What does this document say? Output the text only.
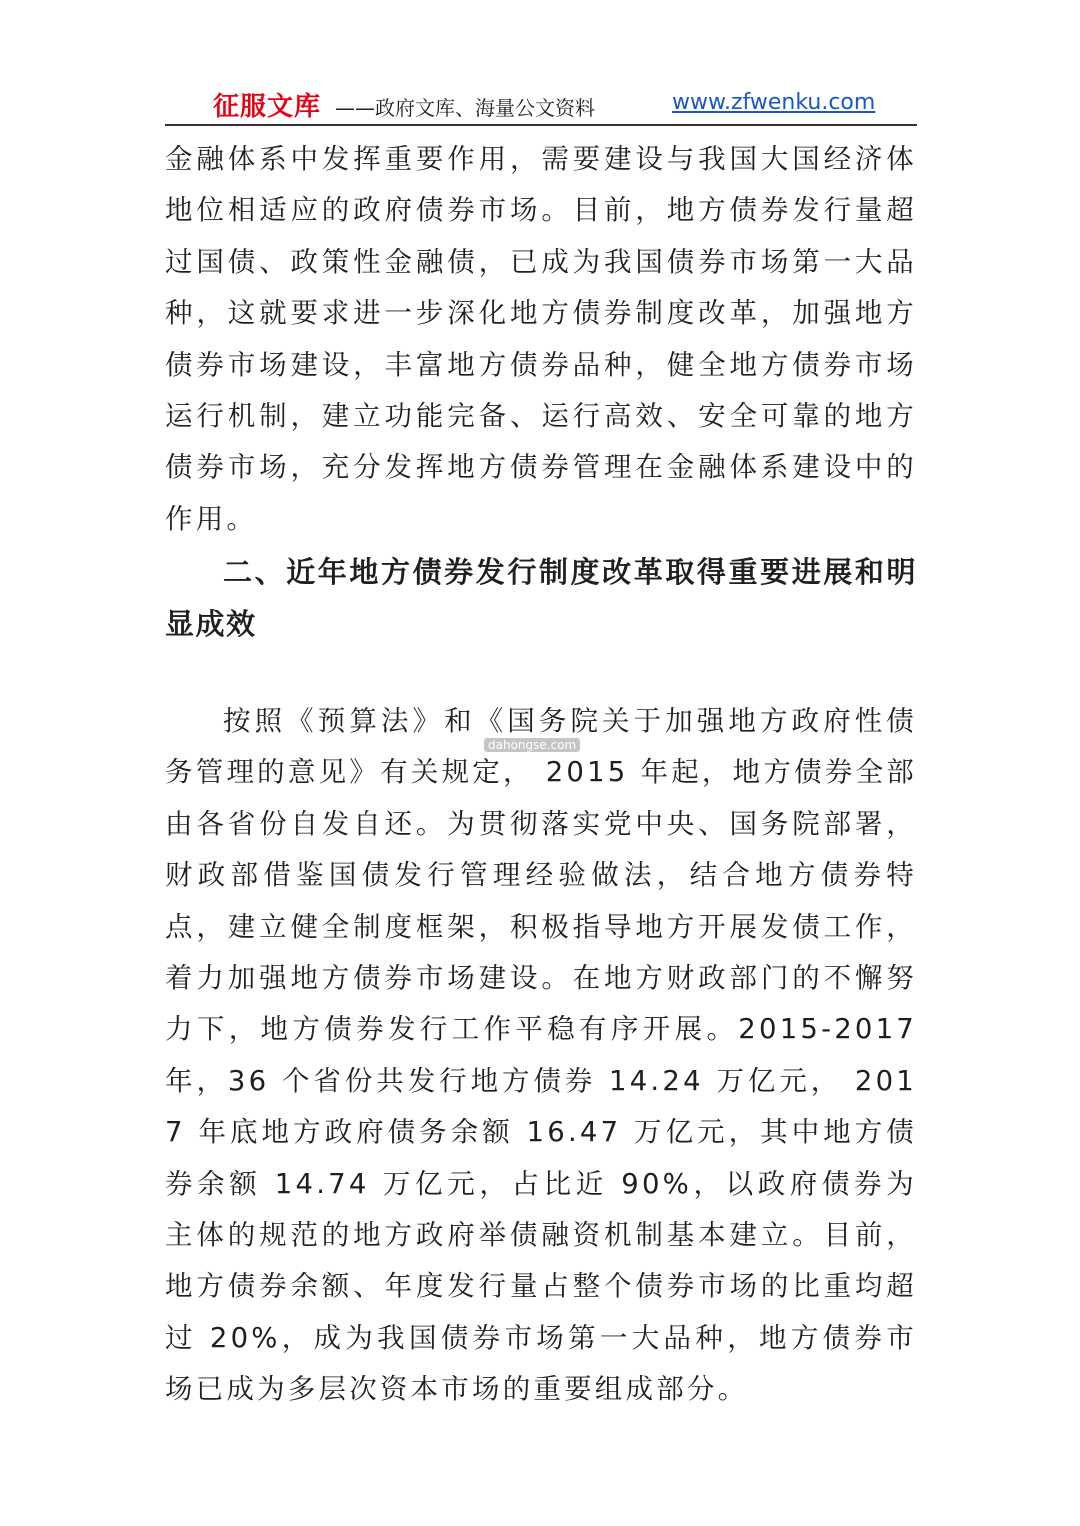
征服文库 ——政府文库、海量公文资料	www.zfwenku.com

金融体系中发挥重要作用，需要建设与我国大国经济体地位相适应的政府债券市场。目前，地方债券发行量超过国债、政策性金融债，已成为我国债券市场第一大品种，这就要求进一步深化地方债券制度改革，加强地方债券市场建设，丰富地方债券品种，健全地方债券市场运行机制，建立功能完备、运行高效、安全可靠的地方债券市场，充分发挥地方债券管理在金融体系建设中的作用。

二、近年地方债券发行制度改革取得重要进展和明显成效

按照《预算法》和《国务院关于加强地方政府性债务管理的意见》有关规定， 2015 年起，地方债券全部由各省份自发自还。为贯彻落实党中央、国务院部署，财政部借鉴国债发行管理经验做法，结合地方债券特点，建立健全制度框架，积极指导地方开展发债工作，着力加强地方债券市场建设。在地方财政部门的不懈努力下，地方债券发行工作平稳有序开展。2015-2017 年，36 个省份共发行地方债券 14.24 万亿元， 2017 年底地方政府债务余额 16.47 万亿元，其中地方债券余额 14.74 万亿元，占比近 90%，以政府债券为主体的规范的地方政府举债融资机制基本建立。目前，地方债券余额、年度发行量占整个债券市场的比重均超过 20%，成为我国债券市场第一大品种，地方债券市场已成为多层次资本市场的重要组成部分。

dahongse.com
